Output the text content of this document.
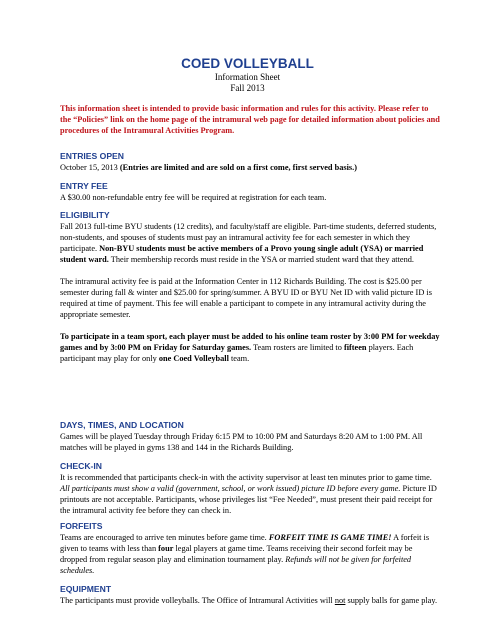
COED VOLLEYBALL
Information Sheet
Fall 2013

This information sheet is intended to provide basic information and rules for this activity. Please refer to the “Policies” link on the home page of the intramural web page for detailed information about policies and procedures of the Intramural Activities Program.

ENTRIES OPEN

October 15, 2013 (Entries are limited and are sold on a first come, first served basis.)

ENTRY FEE

A $30.00 non-refundable entry fee will be required at registration for each team.

ELIGIBILITY

Fall 2013 full-time BYU students (12 credits), and faculty/staff are eligible. Part-time students, deferred students, non-students, and spouses of students must pay an intramural activity fee for each semester in which they participate. Non-BYU students must be active members of a Provo young single adult (YSA) or married student ward. Their membership records must reside in the YSA or married student ward that they attend.

The intramural activity fee is paid at the Information Center in 112 Richards Building. The cost is $25.00 per semester during fall & winter and $25.00 for spring/summer. A BYU ID or BYU Net ID with valid picture ID is required at time of payment. This fee will enable a participant to compete in any intramural activity during the appropriate semester.

To participate in a team sport, each player must be added to his online team roster by 3:00 PM for weekday games and by 3:00 PM on Friday for Saturday games. Team rosters are limited to fifteen players. Each participant may play for only one Coed Volleyball team.

DAYS, TIMES, AND LOCATION

Games will be played Tuesday through Friday 6:15 PM to 10:00 PM and Saturdays 8:20 AM to 1:00 PM. All matches will be played in gyms 138 and 144 in the Richards Building.

CHECK-IN

It is recommended that participants check-in with the activity supervisor at least ten minutes prior to game time. All participants must show a valid (government, school, or work issued) picture ID before every game. Picture ID printouts are not acceptable. Participants, whose privileges list “Fee Needed”, must present their paid receipt for the intramural activity fee before they can check in.

FORFEITS

Teams are encouraged to arrive ten minutes before game time. FORFEIT TIME IS GAME TIME! A forfeit is given to teams with less than four legal players at game time. Teams receiving their second forfeit may be dropped from regular season play and elimination tournament play. Refunds will not be given for forfeited schedules.

EQUIPMENT

The participants must provide volleyballs. The Office of Intramural Activities will not supply balls for game play.
